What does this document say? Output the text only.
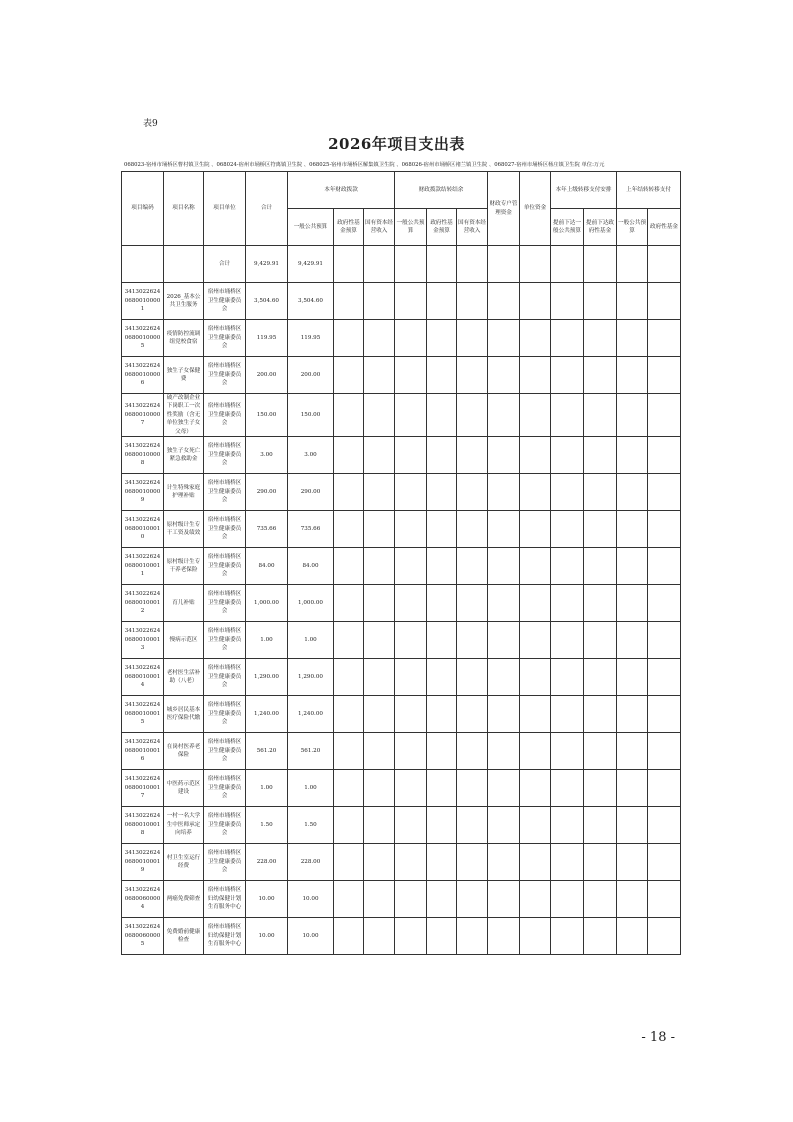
表9
2026年项目支出表
068023-宿州市埇桥区曹村镇卫生院 、068024-宿州市埇桥区符离镇卫生院 、068025-宿州市埇桥区解集镇卫生院 、068026-宿州市埇桥区褚兰镇卫生院 、068027-宿州市埇桥区杨庄镇卫生院 单位:万元
项目编码	项目名称	项目单位	合计	本年财政拨款			财政拨款结转结余			财政专户管理资金	单位资金	本年上级转移支付安排		上年结转转移支付	
				一般公共预算	政府性基金预算	国有资本经营收入	一般公共预算	政府性基金预算	国有资本经营收入			提前下达一般公共预算	提前下达政府性基金	一般公共预算	政府性基金
		合计	9,429.91	9,429.91											
341302262406800100001	2026_基本公共卫生服务	宿州市埇桥区卫生健康委员会	3,504.60	3,504.60											
341302262406800100005	疫情防控流调组党校食宿	宿州市埇桥区卫生健康委员会	119.95	119.95											
341302262406800100006	独生子女保健费	宿州市埇桥区卫生健康委员会	200.00	200.00											
341302262406800100007	破产改制企业下岗职工一次性奖励（含无单位独生子女父母）	宿州市埇桥区卫生健康委员会	150.00	150.00											
341302262406800100008	独生子女死亡紧急救助金	宿州市埇桥区卫生健康委员会	3.00	3.00											
341302262406800100009	计生特殊家庭护理补贴	宿州市埇桥区卫生健康委员会	290.00	290.00											
341302262406800100010	原村级计生专干工资及绩效	宿州市埇桥区卫生健康委员会	735.66	735.66											
341302262406800100011	原村级计生专干养老保险	宿州市埇桥区卫生健康委员会	84.00	84.00											
341302262406800100012	育儿补贴	宿州市埇桥区卫生健康委员会	1,000.00	1,000.00											
341302262406800100013	慢病示范区	宿州市埇桥区卫生健康委员会	1.00	1.00											
341302262406800100014	老村医生活补助（八老）	宿州市埇桥区卫生健康委员会	1,290.00	1,290.00											
341302262406800100015	城乡居民基本医疗保险代缴	宿州市埇桥区卫生健康委员会	1,240.00	1,240.00											
341302262406800100016	在岗村医养老保险	宿州市埇桥区卫生健康委员会	561.20	561.20											
341302262406800100017	中医药示范区建设	宿州市埇桥区卫生健康委员会	1.00	1.00											
341302262406800100018	一村一名大学生中医师承定向培养	宿州市埇桥区卫生健康委员会	1.50	1.50											
341302262406800100019	村卫生室运行经费	宿州市埇桥区卫生健康委员会	228.00	228.00											
341302262406800600004	两癌免费筛查	宿州市埇桥区妇幼保健计划生育服务中心	10.00	10.00											
341302262406800600005	免费婚前健康检查	宿州市埇桥区妇幼保健计划生育服务中心	10.00	10.00											
- 18 -
